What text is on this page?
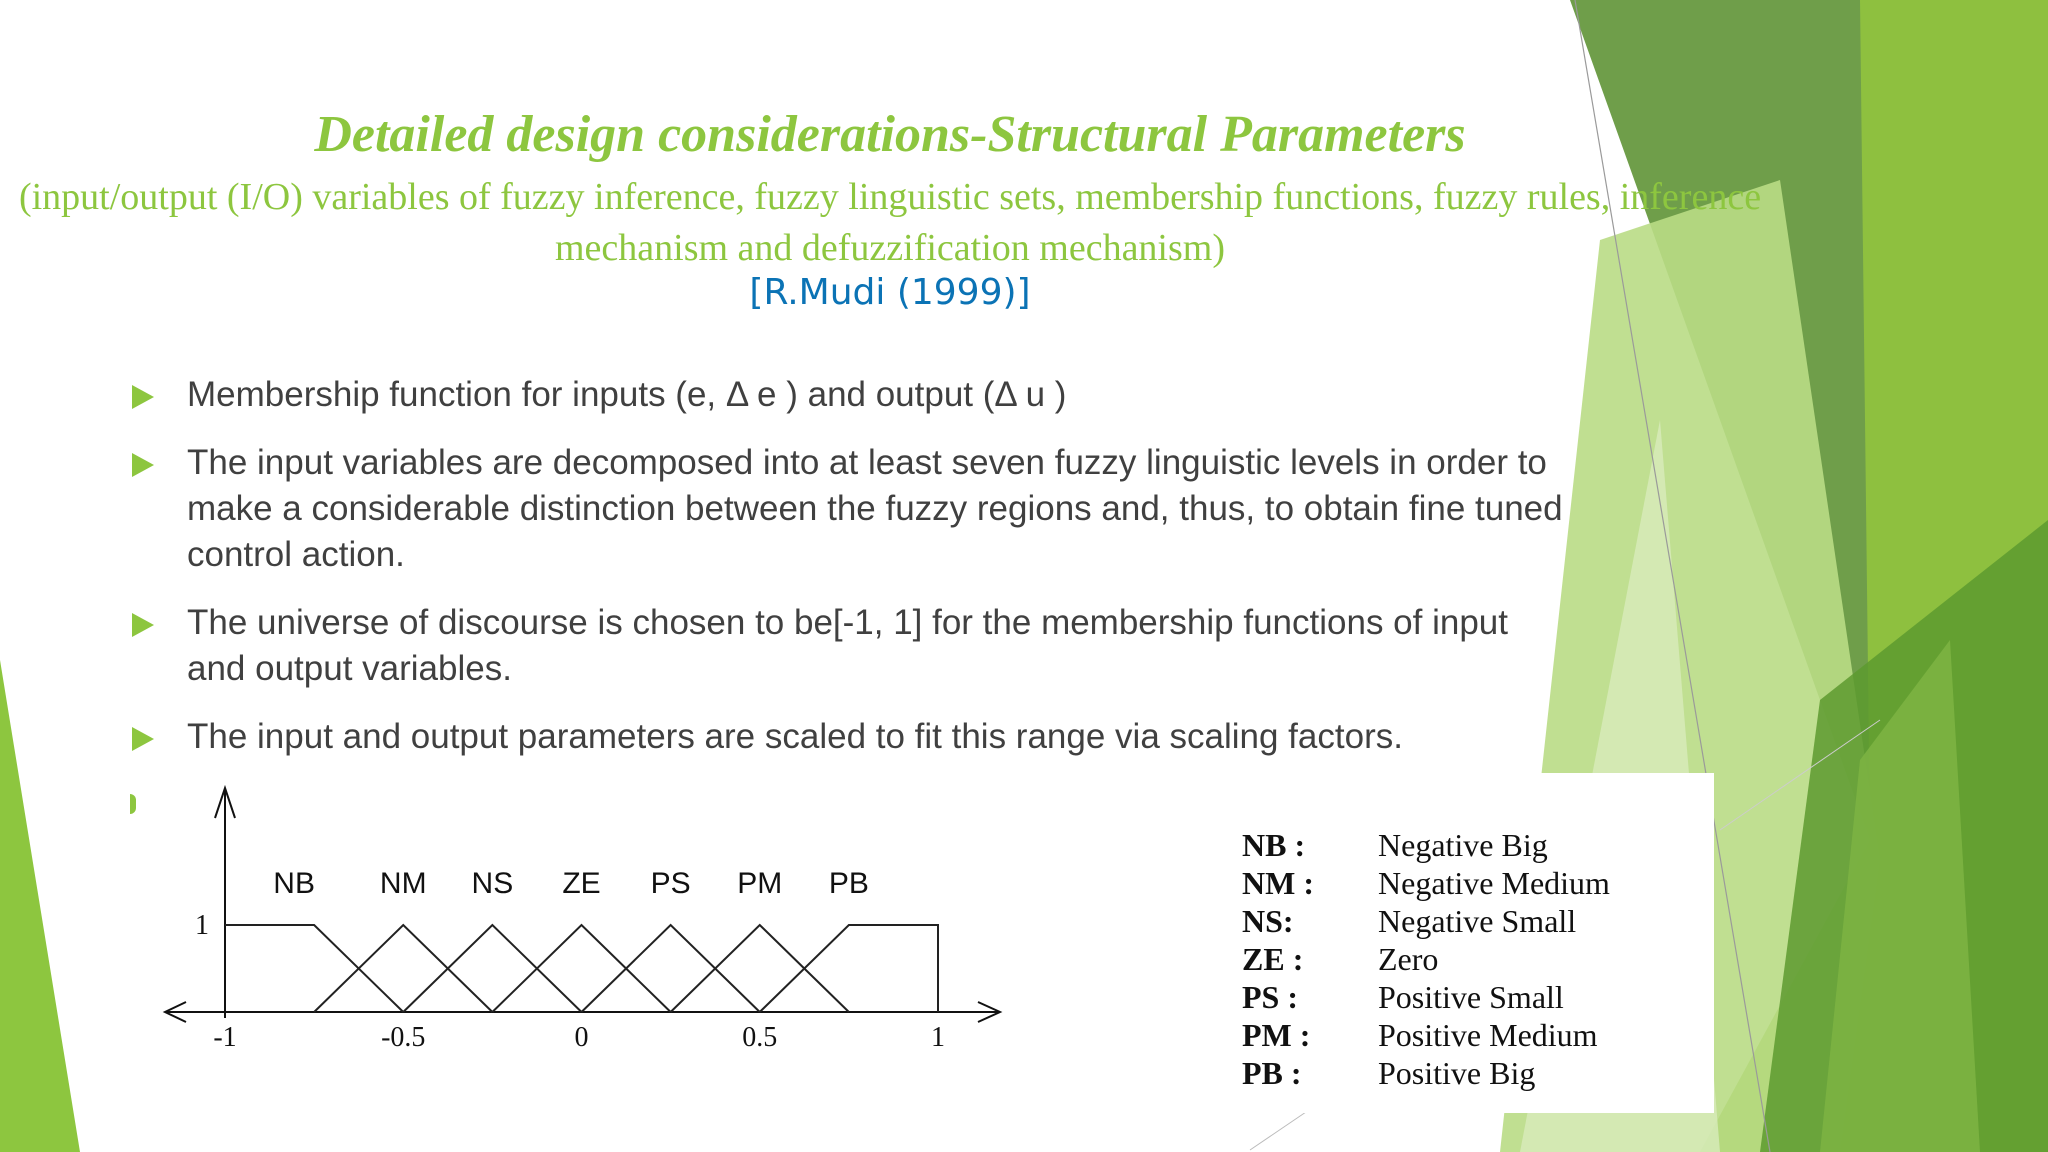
Detailed design considerations-Structural Parameters

(input/output (I/O) variables of fuzzy inference, fuzzy linguistic sets, membership functions, fuzzy rules, inference mechanism and defuzzification mechanism)

[R.Mudi (1999)]

Membership function for inputs (e, Δ e ) and output (Δ u )
The input variables are decomposed into at least seven fuzzy linguistic levels in order to make a considerable distinction between the fuzzy regions and, thus, to obtain fine tuned control action.
The universe of discourse is chosen to be[-1, 1] for the membership functions of input and output variables.
The input and output parameters are scaled to fit this range via scaling factors.
NB NM NS ZE PS PM PB
-1	-0.5	0	0.5	1
1
NB : Negative Big
NM : Negative Medium
NS:	Negative Small
ZE : Zero
PS :	Positive Small
PM : Positive Medium
PB : Positive Big
